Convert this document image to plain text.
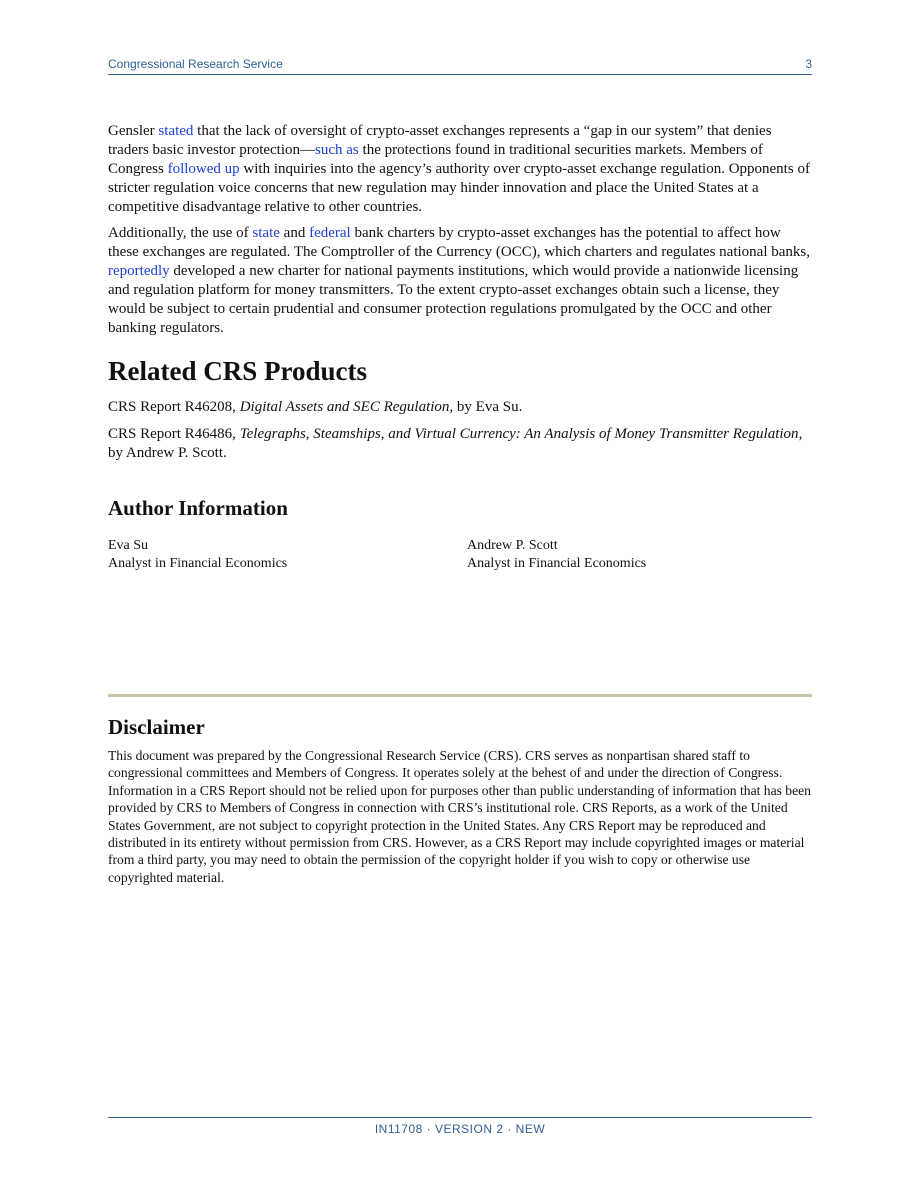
Congressional Research Service	3

Gensler stated that the lack of oversight of crypto-asset exchanges represents a “gap in our system” that denies traders basic investor protection—such as the protections found in traditional securities markets. Members of Congress followed up with inquiries into the agency’s authority over crypto-asset exchange regulation. Opponents of stricter regulation voice concerns that new regulation may hinder innovation and place the United States at a competitive disadvantage relative to other countries.

Additionally, the use of state and federal bank charters by crypto-asset exchanges has the potential to affect how these exchanges are regulated. The Comptroller of the Currency (OCC), which charters and regulates national banks, reportedly developed a new charter for national payments institutions, which would provide a nationwide licensing and regulation platform for money transmitters. To the extent crypto-asset exchanges obtain such a license, they would be subject to certain prudential and consumer protection regulations promulgated by the OCC and other banking regulators.

Related CRS Products

CRS Report R46208, Digital Assets and SEC Regulation, by Eva Su.

CRS Report R46486, Telegraphs, Steamships, and Virtual Currency: An Analysis of Money Transmitter Regulation, by Andrew P. Scott.

Author Information
Eva Su
Analyst in Financial Economics
Andrew P. Scott
Analyst in Financial Economics
Disclaimer

This document was prepared by the Congressional Research Service (CRS). CRS serves as nonpartisan shared staff to congressional committees and Members of Congress. It operates solely at the behest of and under the direction of Congress. Information in a CRS Report should not be relied upon for purposes other than public understanding of information that has been provided by CRS to Members of Congress in connection with CRS’s institutional role. CRS Reports, as a work of the United States Government, are not subject to copyright protection in the United States. Any CRS Report may be reproduced and distributed in its entirety without permission from CRS. However, as a CRS Report may include copyrighted images or material from a third party, you may need to obtain the permission of the copyright holder if you wish to copy or otherwise use copyrighted material.

IN11708 · VERSION 2 · NEW
